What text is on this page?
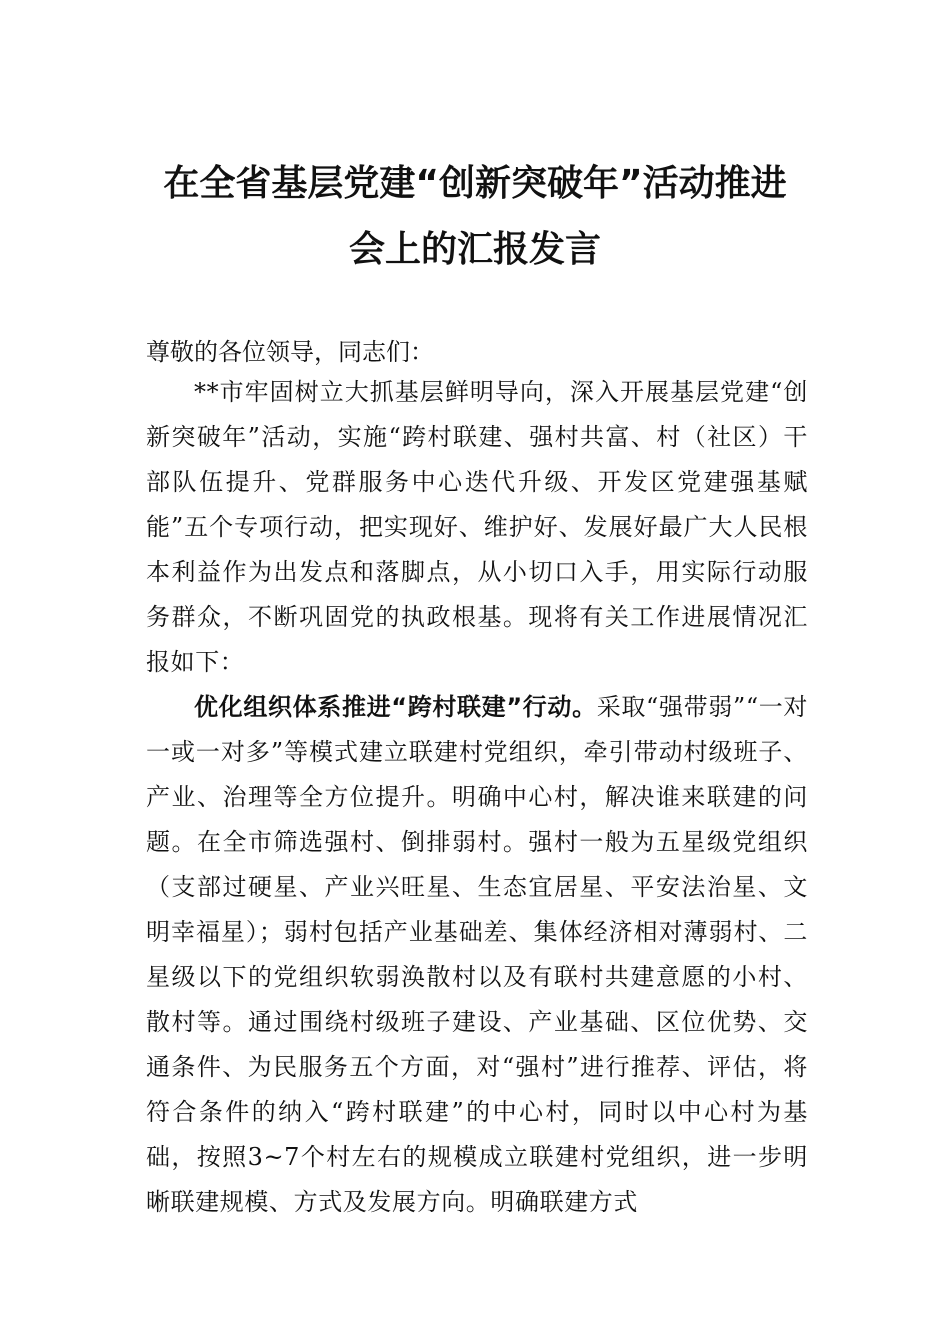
在全省基层党建“创新突破年”活动推进
会上的汇报发言
尊敬的各位领导，同志们：
**市牢固树立大抓基层鲜明导向，深入开展基层党建“创新突破年”活动，实施“跨村联建、强村共富、村（社区）干部队伍提升、党群服务中心迭代升级、开发区党建强基赋能”五个专项行动，把实现好、维护好、发展好最广大人民根本利益作为出发点和落脚点，从小切口入手，用实际行动服务群众，不断巩固党的执政根基。现将有关工作进展情况汇报如下：
优化组织体系推进“跨村联建”行动。采取“强带弱”“一对一或一对多”等模式建立联建村党组织，牵引带动村级班子、产业、治理等全方位提升。明确中心村，解决谁来联建的问题。在全市筛选强村、倒排弱村。强村一般为五星级党组织（支部过硬星、产业兴旺星、生态宜居星、平安法治星、文明幸福星）；弱村包括产业基础差、集体经济相对薄弱村、二星级以下的党组织软弱涣散村以及有联村共建意愿的小村、散村等。通过围绕村级班子建设、产业基础、区位优势、交通条件、为民服务五个方面，对“强村”进行推荐、评估，将符合条件的纳入“跨村联建”的中心村，同时以中心村为基础，按照3~7个村左右的规模成立联建村党组织，进一步明晰联建规模、方式及发展方向。明确联建方式
